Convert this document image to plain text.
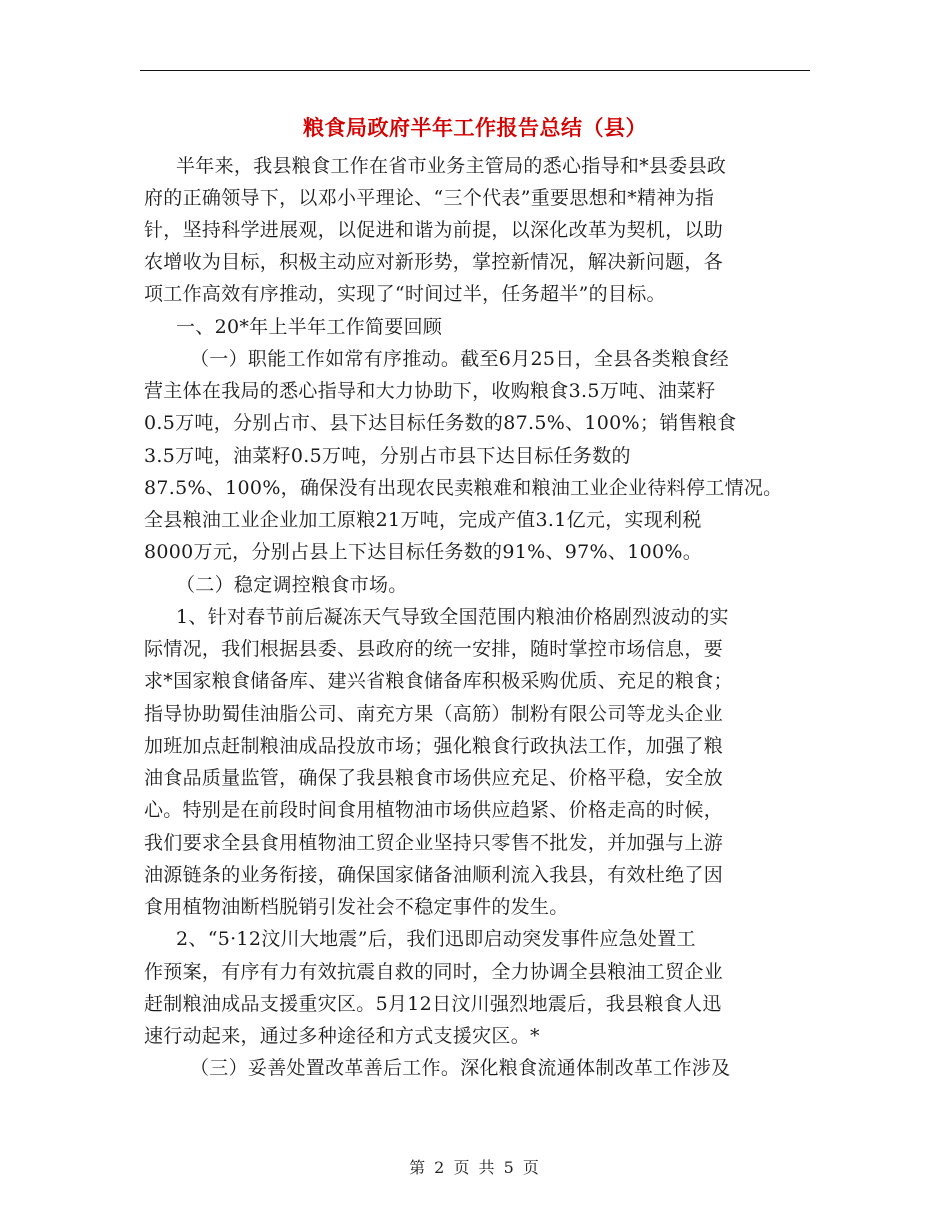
粮食局政府半年工作报告总结（县）
半年来，我县粮食工作在省市业务主管局的悉心指导和*县委县政
府的正确领导下，以邓小平理论、“三个代表”重要思想和*精神为指
针，坚持科学进展观，以促进和谐为前提，以深化改革为契机，以助
农增收为目标，积极主动应对新形势，掌控新情况，解决新问题，各
项工作高效有序推动，实现了“时间过半，任务超半”的目标。
一、20*年上半年工作简要回顾
（一）职能工作如常有序推动。截至6月25日，全县各类粮食经
营主体在我局的悉心指导和大力协助下，收购粮食3.5万吨、油菜籽
0.5万吨，分别占市、县下达目标任务数的87.5%、100%；销售粮食
3.5万吨，油菜籽0.5万吨，分别占市县下达目标任务数的
87.5%、100%，确保没有出现农民卖粮难和粮油工业企业待料停工情况。
全县粮油工业企业加工原粮21万吨，完成产值3.1亿元，实现利税
8000万元，分别占县上下达目标任务数的91%、97%、100%。
（二）稳定调控粮食市场。
1、针对春节前后凝冻天气导致全国范围内粮油价格剧烈波动的实
际情况，我们根据县委、县政府的统一安排，随时掌控市场信息，要
求*国家粮食储备库、建兴省粮食储备库积极采购优质、充足的粮食；
指导协助蜀佳油脂公司、南充方果（高筋）制粉有限公司等龙头企业
加班加点赶制粮油成品投放市场；强化粮食行政执法工作，加强了粮
油食品质量监管，确保了我县粮食市场供应充足、价格平稳，安全放
心。特别是在前段时间食用植物油市场供应趋紧、价格走高的时候，
我们要求全县食用植物油工贸企业坚持只零售不批发，并加强与上游
油源链条的业务衔接，确保国家储备油顺利流入我县，有效杜绝了因
食用植物油断档脱销引发社会不稳定事件的发生。
2、“5·12汶川大地震”后，我们迅即启动突发事件应急处置工
作预案，有序有力有效抗震自救的同时，全力协调全县粮油工贸企业
赶制粮油成品支援重灾区。5月12日汶川强烈地震后，我县粮食人迅
速行动起来，通过多种途径和方式支援灾区。*
（三）妥善处置改革善后工作。深化粮食流通体制改革工作涉及
第 2 页 共 5 页
